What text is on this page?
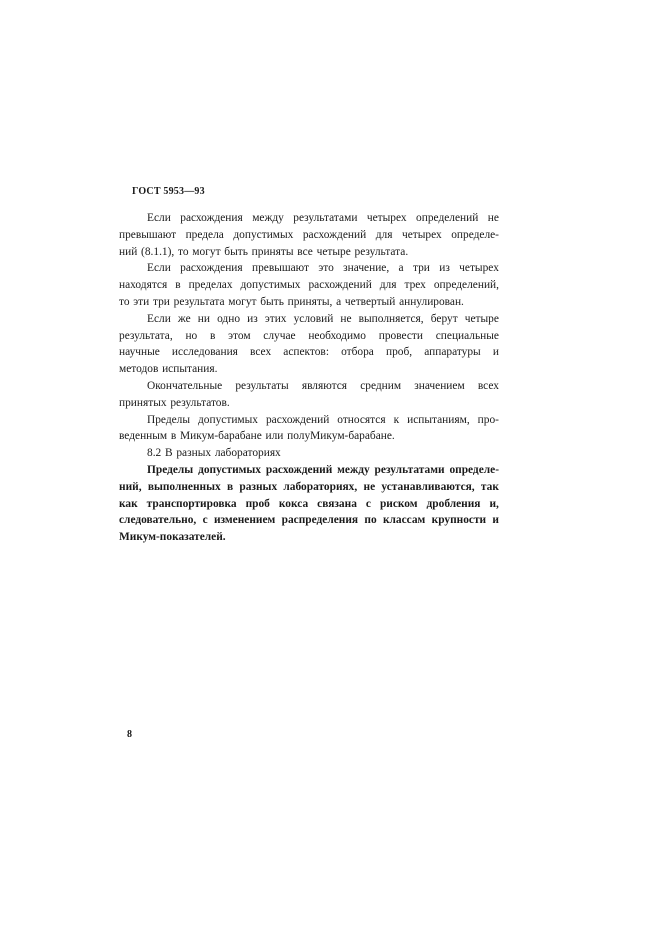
ГОСТ 5953—93
Если расхождения между результатами четырех определений не
превышают предела допустимых расхождений для четырех определе-
ний (8.1.1), то могут быть приняты все четыре результата.
Если расхождения превышают это значение, а три из четырех
находятся в пределах допустимых расхождений для трех определений,
то эти три результата могут быть приняты, а четвертый аннулирован.
Если же ни одно из этих условий не выполняется, берут четыре
результата, но в этом случае необходимо провести специальные
научные исследования всех аспектов: отбора проб, аппаратуры и
методов испытания.
Окончательные результаты являются средним значением всех
принятых результатов.
Пределы допустимых расхождений относятся к испытаниям, про-
веденным в Микум-барабане или полуМикум-барабане.
8.2 В разных лабораториях
Пределы допустимых расхождений между результатами определе-
ний, выполненных в разных лабораториях, не устанавливаются, так
как транспортировка проб кокса связана с риском дробления и,
следовательно, с изменением распределения по классам крупности и
Микум-показателей.
8
